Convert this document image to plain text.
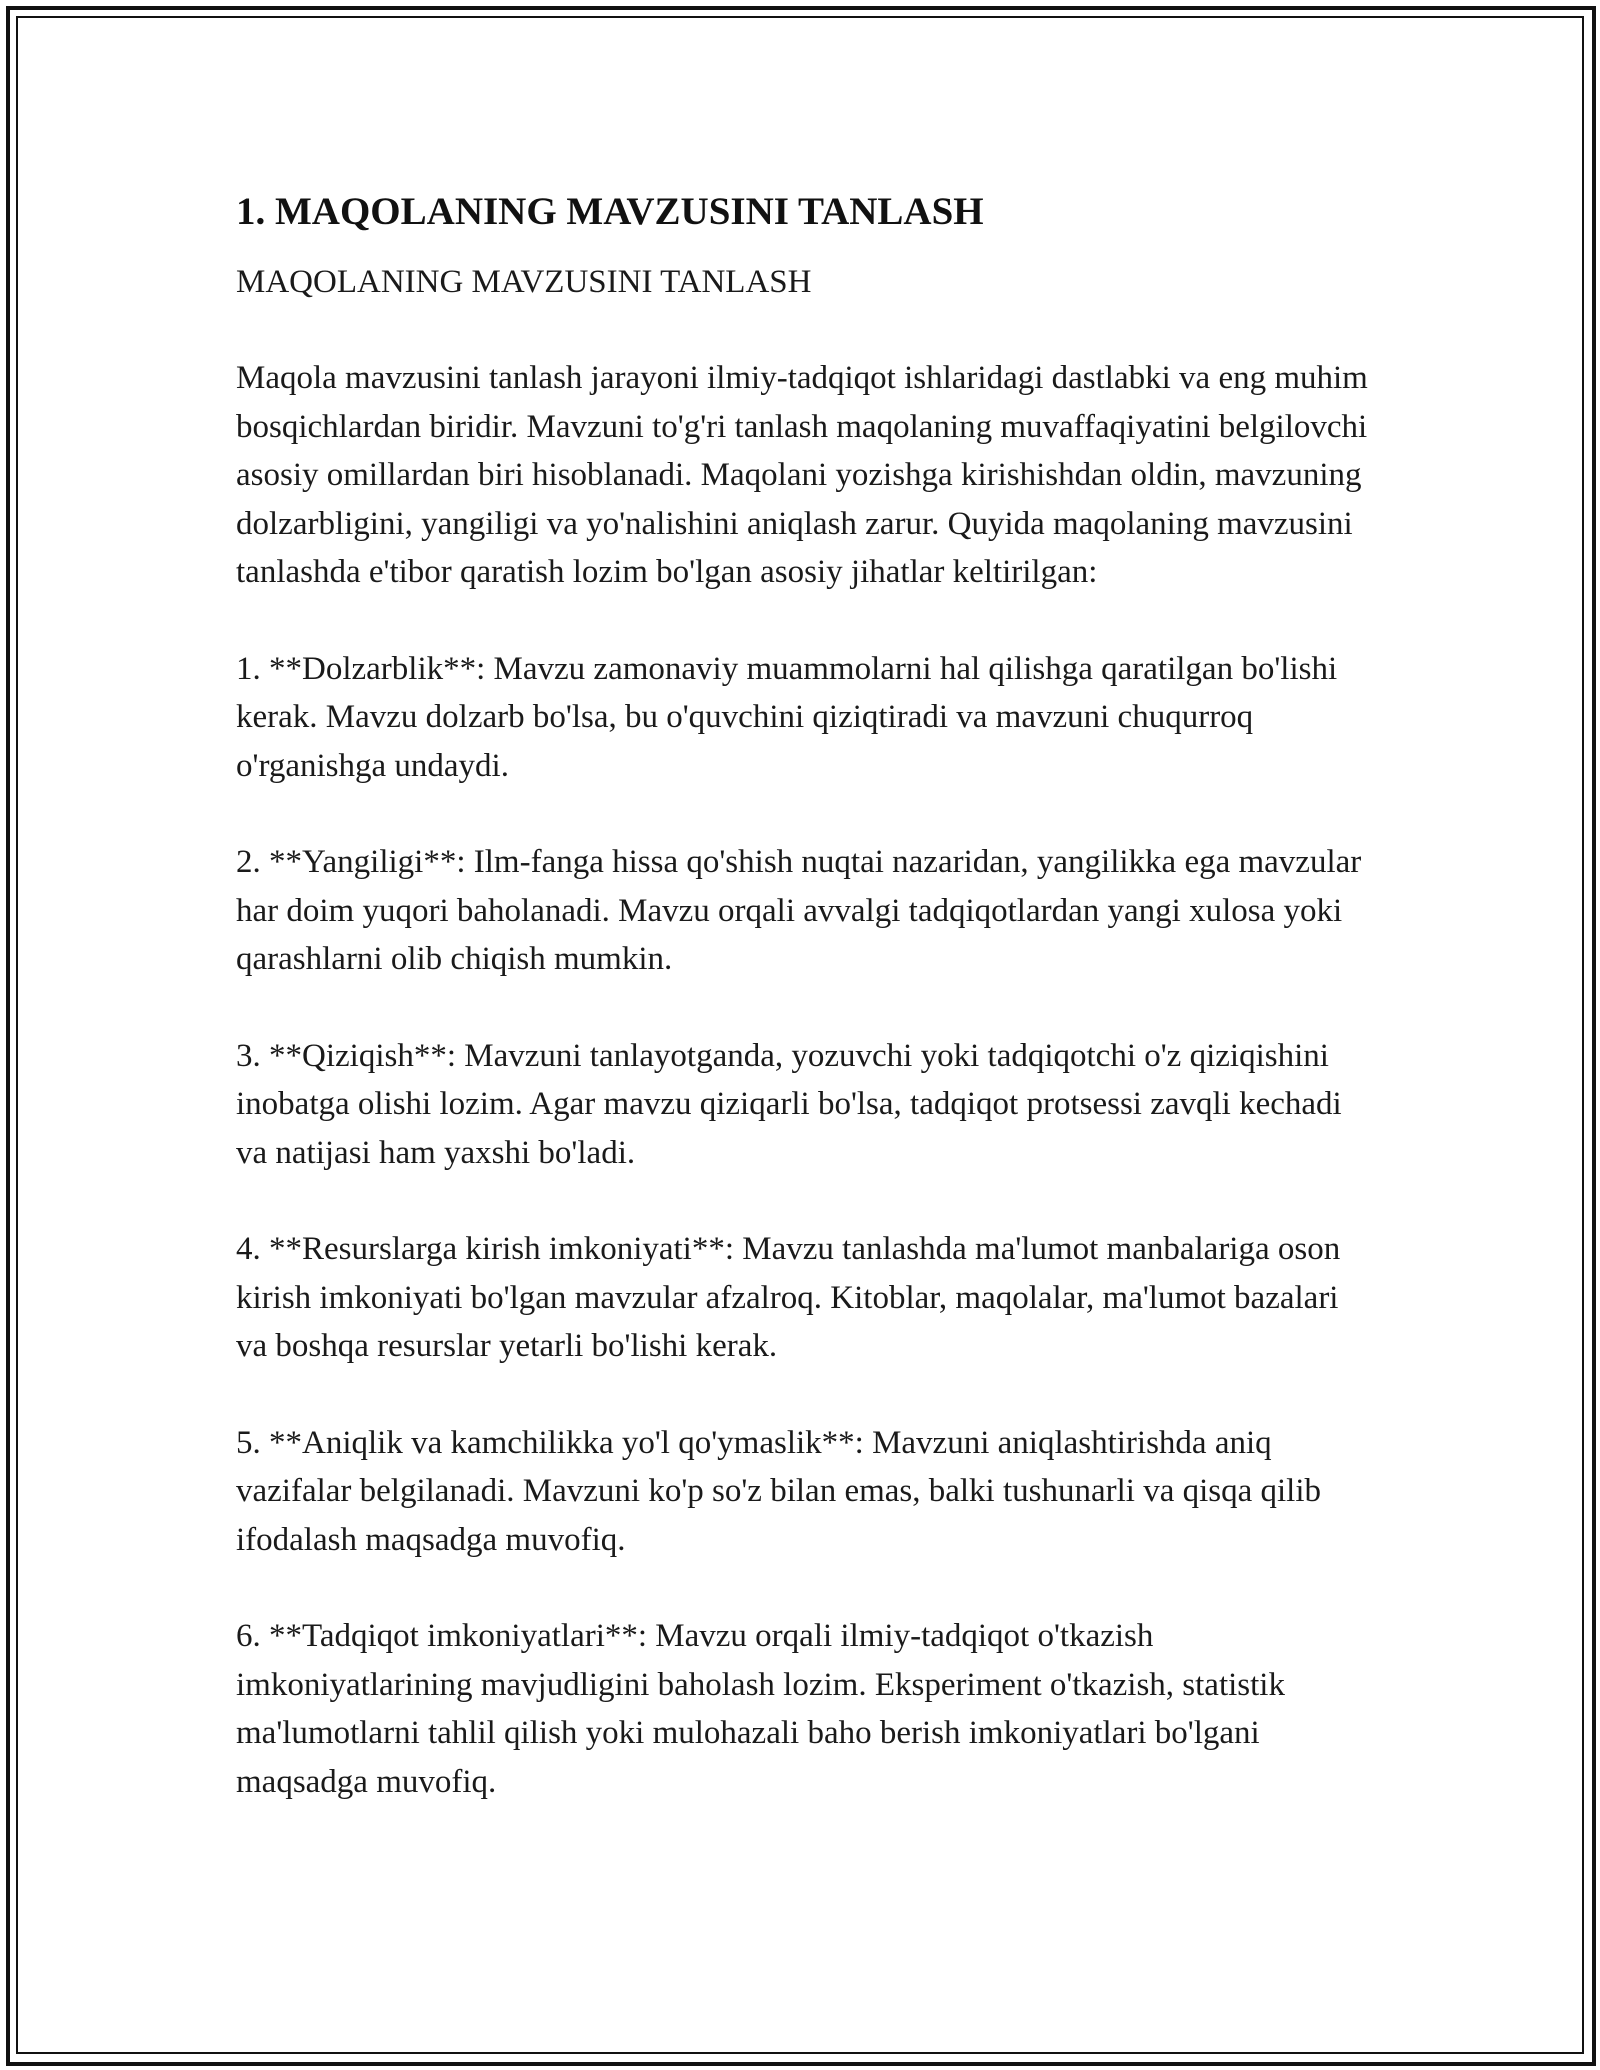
1. MAQOLANING MAVZUSINI TANLASH

MAQOLANING MAVZUSINI TANLASH

Maqola mavzusini tanlash jarayoni ilmiy-tadqiqot ishlaridagi dastlabki va eng muhim bosqichlardan biridir. Mavzuni to'g'ri tanlash maqolaning muvaffaqiyatini belgilovchi asosiy omillardan biri hisoblanadi. Maqolani yozishga kirishishdan oldin, mavzuning dolzarbligini, yangiligi va yo'nalishini aniqlash zarur. Quyida maqolaning mavzusini tanlashda e'tibor qaratish lozim bo'lgan asosiy jihatlar keltirilgan:

1. **Dolzarblik**: Mavzu zamonaviy muammolarni hal qilishga qaratilgan bo'lishi kerak. Mavzu dolzarb bo'lsa, bu o'quvchini qiziqtiradi va mavzuni chuqurroq o'rganishga undaydi.

2. **Yangiligi**: Ilm-fanga hissa qo'shish nuqtai nazaridan, yangilikka ega mavzular har doim yuqori baholanadi. Mavzu orqali avvalgi tadqiqotlardan yangi xulosa yoki qarashlarni olib chiqish mumkin.

3. **Qiziqish**: Mavzuni tanlayotganda, yozuvchi yoki tadqiqotchi o'z qiziqishini inobatga olishi lozim. Agar mavzu qiziqarli bo'lsa, tadqiqot protsessi zavqli kechadi va natijasi ham yaxshi bo'ladi.

4. **Resurslarga kirish imkoniyati**: Mavzu tanlashda ma'lumot manbalariga oson kirish imkoniyati bo'lgan mavzular afzalroq. Kitoblar, maqolalar, ma'lumot bazalari va boshqa resurslar yetarli bo'lishi kerak.

5. **Aniqlik va kamchilikka yo'l qo'ymaslik**: Mavzuni aniqlashtirishda aniq vazifalar belgilanadi. Mavzuni ko'p so'z bilan emas, balki tushunarli va qisqa qilib ifodalash maqsadga muvofiq.

6. **Tadqiqot imkoniyatlari**: Mavzu orqali ilmiy-tadqiqot o'tkazish imkoniyatlarining mavjudligini baholash lozim. Eksperiment o'tkazish, statistik ma'lumotlarni tahlil qilish yoki mulohazali baho berish imkoniyatlari bo'lgani maqsadga muvofiq.
